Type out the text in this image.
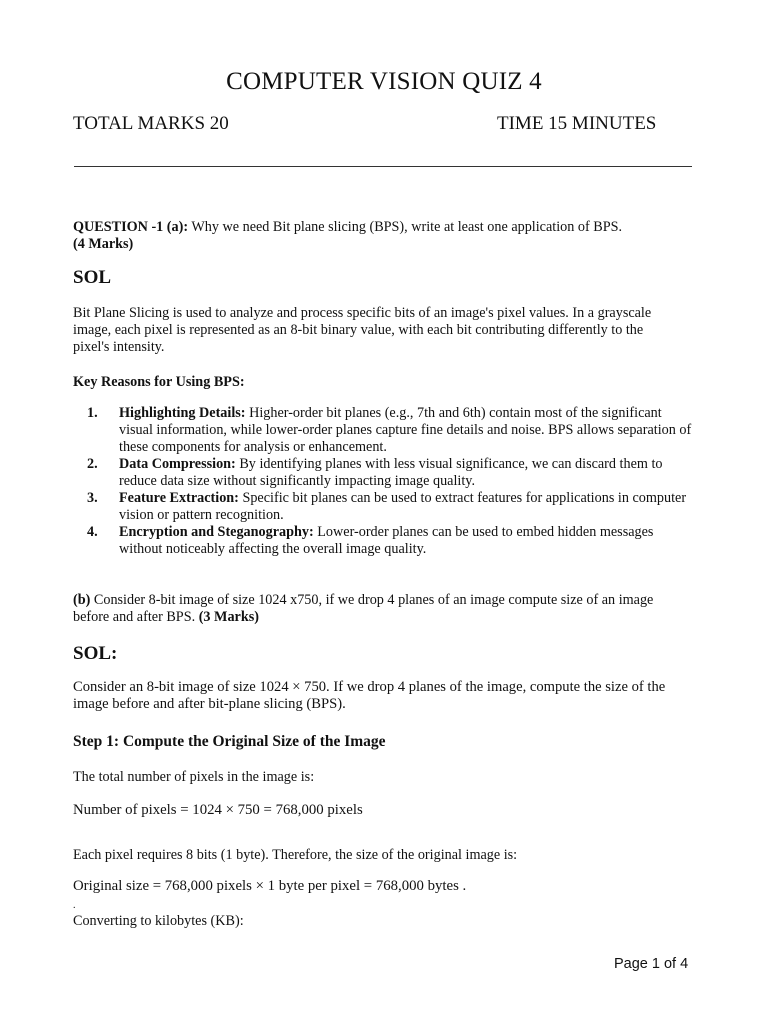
COMPUTER VISION QUIZ 4
TOTAL MARKS 20	TIME 15 MINUTES
QUESTION -1 (a): Why we need Bit plane slicing (BPS), write at least one application of BPS.
(4 Marks)
SOL
Bit Plane Slicing is used to analyze and process specific bits of an image's pixel values. In a grayscale image, each pixel is represented as an 8-bit binary value, with each bit contributing differently to the pixel's intensity.
Key Reasons for Using BPS:
1. Highlighting Details: Higher-order bit planes (e.g., 7th and 6th) contain most of the significant visual information, while lower-order planes capture fine details and noise. BPS allows separation of these components for analysis or enhancement.
2. Data Compression: By identifying planes with less visual significance, we can discard them to reduce data size without significantly impacting image quality.
3. Feature Extraction: Specific bit planes can be used to extract features for applications in computer vision or pattern recognition.
4. Encryption and Steganography: Lower-order planes can be used to embed hidden messages without noticeably affecting the overall image quality.
(b) Consider 8-bit image of size 1024 x750, if we drop 4 planes of an image compute size of an image before and after BPS. (3 Marks)
SOL:
Consider an 8-bit image of size 1024 × 750. If we drop 4 planes of the image, compute the size of the image before and after bit-plane slicing (BPS).
Step 1: Compute the Original Size of the Image
The total number of pixels in the image is:
Number of pixels = 1024 × 750 = 768,000 pixels
Each pixel requires 8 bits (1 byte). Therefore, the size of the original image is:
Original size = 768,000 pixels × 1 byte per pixel = 768,000 bytes .
.
Converting to kilobytes (KB):
Page 1 of 4
